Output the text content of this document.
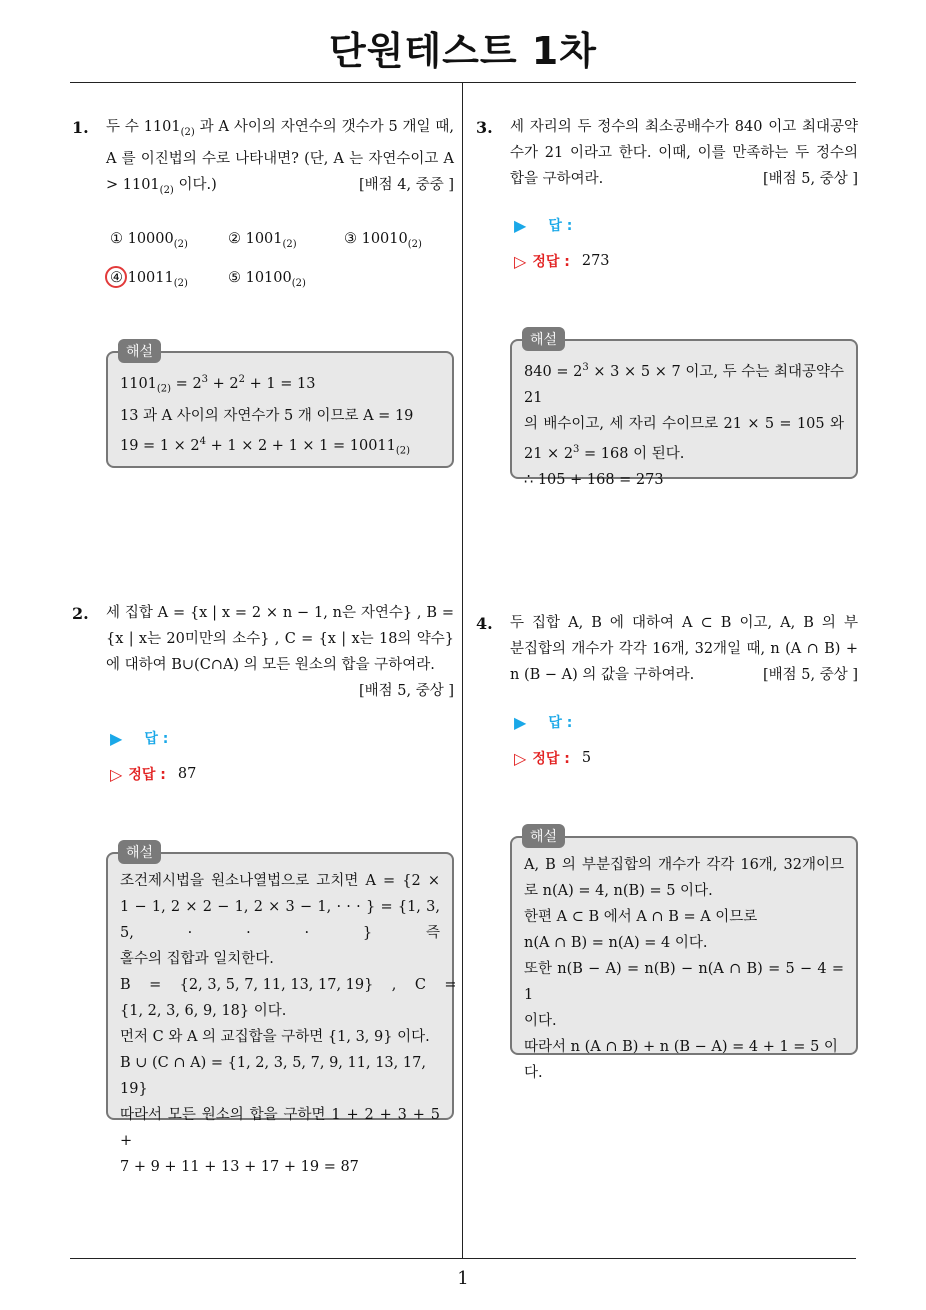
단원테스트 1차
1
1. 두 수 $1101_{(2)}$ 과 A 사이의 자연수의 갯수가 5 개일 때, A 를 이진법의 수로 나타내면? (단, A 는 자연수이고 $A > 1101_{(2)}$ 이다.)	[배점 4, 중중 ]
① $10000_{(2)}$	② $1001_{(2)}$	③ $10010_{(2)}$
④ $10011_{(2)}$	⑤ $10100_{(2)}$
$1101_{(2)} = 2^3 + 2^2 + 1 = 13$
13 과 A 사이의 자연수가 5 개 이므로 A = 19
$19 = 1 \times 2^4 + 1 \times 2 + 1 \times 1 = 10011_{(2)}$
해설
2. 세 집합 A = {x | x = 2 × n − 1, n은 자연수} , B =
{x | x는 20미만의 소수} , C = {x | x는 18의 약수}
에 대하여 B∪(C∩A) 의 모든 원소의 합을 구하여라.
[배점 5, 중상 ]
▶ 답 :
▷ 정답 : 87
조건제시법을 원소나열법으로 고치면 A = {2 ×
1 − 1, 2 × 2 − 1, 2 × 3 − 1, · · · } = {1, 3, 5, · · · } 즉
홀수의 집합과 일치한다.
B    =    {2, 3, 5, 7, 11, 13, 17, 19}    ,    C    =
{1, 2, 3, 6, 9, 18} 이다.
먼저 C 와 A 의 교집합을 구하면 {1, 3, 9} 이다.
B ∪ (C ∩ A) = {1, 2, 3, 5, 7, 9, 11, 13, 17, 19}
따라서 모든 원소의 합을 구하면 1 + 2 + 3 + 5 +
7 + 9 + 11 + 13 + 17 + 19 = 87
해설
3. 세 자리의 두 정수의 최소공배수가 840 이고 최대공약
수가 21 이라고 한다. 이때, 이를 만족하는 두 정수의
합을 구하여라.	[배점 5, 중상 ]
▶ 답 :
▷ 정답 : 273
$840 = 2^3 \times 3 \times 5 \times 7$ 이고, 두 수는 최대공약수 21
의 배수이고, 세 자리 수이므로 21 × 5 = 105 와
$21 \times 2^3 = 168$ 이 된다.
∴ 105 + 168 = 273
해설
4. 두 집합 A, B 에 대하여 A ⊂ B 이고, A, B 의 부
분집합의 개수가 각각 16개, 32개일 때, n (A ∩ B) +
n (B − A) 의 값을 구하여라.	[배점 5, 중상 ]
▶ 답 :
▷ 정답 : 5
A, B 의 부분집합의 개수가 각각 16개, 32개이므
로 n(A) = 4, n(B) = 5 이다.
한편 A ⊂ B 에서 A ∩ B = A 이므로
n(A ∩ B) = n(A) = 4 이다.
또한 n(B − A) = n(B) − n(A ∩ B) = 5 − 4 = 1
이다.
따라서 n (A ∩ B) + n (B − A) = 4 + 1 = 5 이다.
해설
